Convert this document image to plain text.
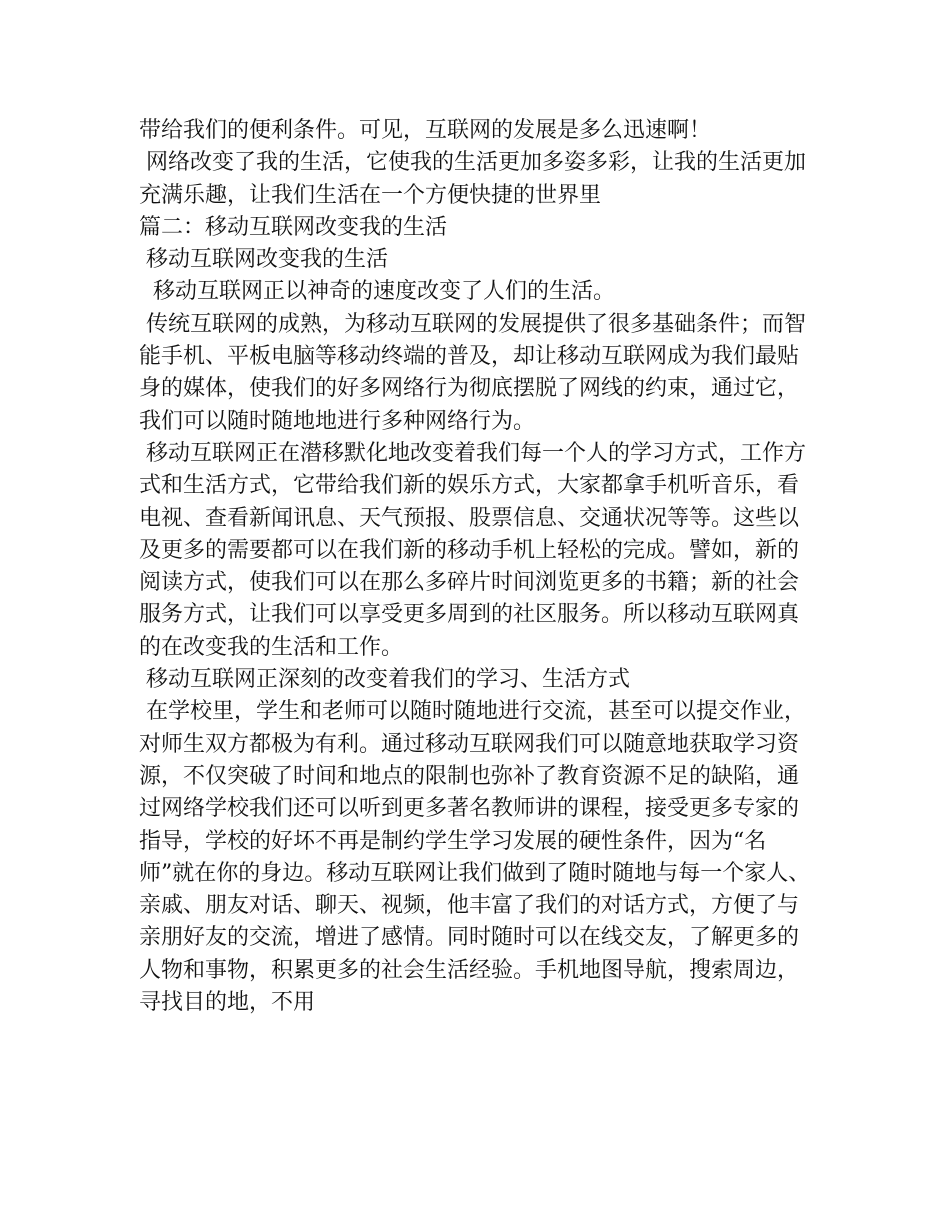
带给我们的便利条件。可见，互联网的发展是多么迅速啊！

网络改变了我的生活，它使我的生活更加多姿多彩，让我的生活更加充满乐趣，让我们生活在一个方便快捷的世界里

篇二：移动互联网改变我的生活

移动互联网改变我的生活

移动互联网正以神奇的速度改变了人们的生活。

传统互联网的成熟，为移动互联网的发展提供了很多基础条件；而智能手机、平板电脑等移动终端的普及，却让移动互联网成为我们最贴身的媒体，使我们的好多网络行为彻底摆脱了网线的约束，通过它，我们可以随时随地地进行多种网络行为。

移动互联网正在潜移默化地改变着我们每一个人的学习方式，工作方式和生活方式，它带给我们新的娱乐方式，大家都拿手机听音乐，看电视、查看新闻讯息、天气预报、股票信息、交通状况等等。这些以及更多的需要都可以在我们新的移动手机上轻松的完成。譬如，新的阅读方式，使我们可以在那么多碎片时间浏览更多的书籍；新的社会服务方式，让我们可以享受更多周到的社区服务。所以移动互联网真的在改变我的生活和工作。

移动互联网正深刻的改变着我们的学习、生活方式

在学校里，学生和老师可以随时随地进行交流，甚至可以提交作业，对师生双方都极为有利。通过移动互联网我们可以随意地获取学习资源，不仅突破了时间和地点的限制也弥补了教育资源不足的缺陷，通过网络学校我们还可以听到更多著名教师讲的课程，接受更多专家的指导，学校的好坏不再是制约学生学习发展的硬性条件，因为“名师”就在你的身边。移动互联网让我们做到了随时随地与每一个家人、亲戚、朋友对话、聊天、视频，他丰富了我们的对话方式，方便了与亲朋好友的交流，增进了感情。同时随时可以在线交友，了解更多的人物和事物，积累更多的社会生活经验。手机地图导航，搜索周边，寻找目的地，不用
